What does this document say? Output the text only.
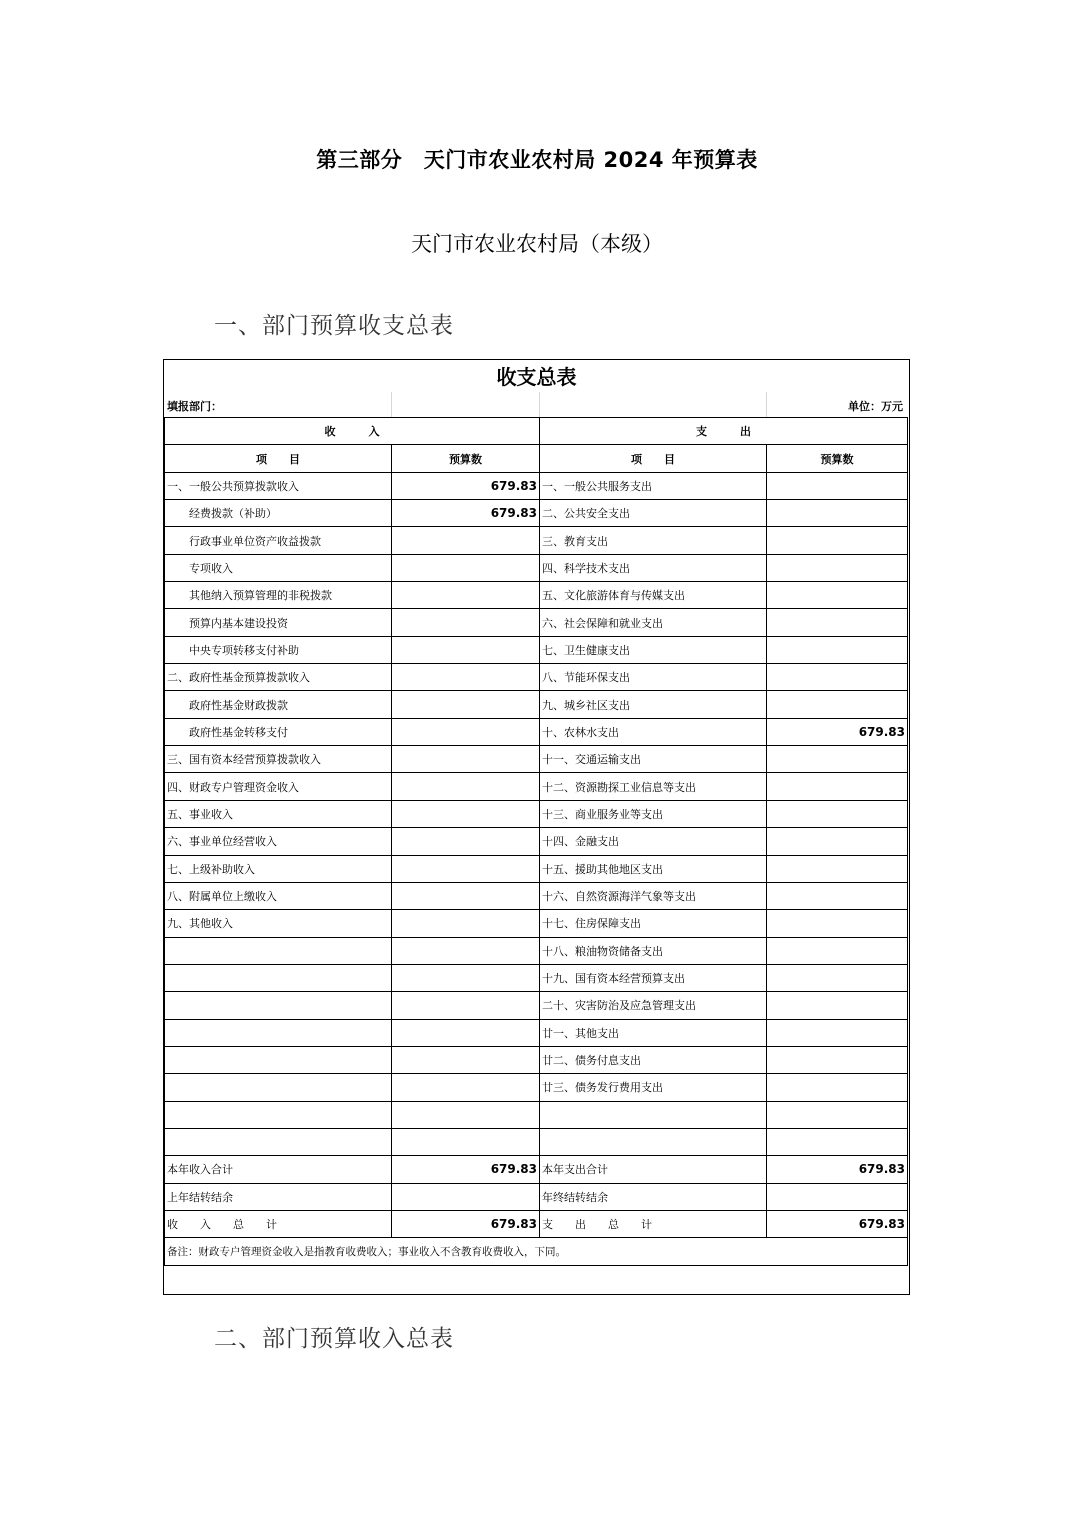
第三部分　天门市农业农村局 2024 年预算表
天门市农业农村局（本级）
一、部门预算收支总表
收支总表
填报部门：	单位：万元
收　　　入		支　　　出	
项　　目	预算数	项　　目	预算数
一、一般公共预算拨款收入	679.83	一、一般公共服务支出	
经费拨款（补助）	679.83	二、公共安全支出	
行政事业单位资产收益拨款		三、教育支出	
专项收入		四、科学技术支出	
其他纳入预算管理的非税拨款		五、文化旅游体育与传媒支出	
预算内基本建设投资		六、社会保障和就业支出	
中央专项转移支付补助		七、卫生健康支出	
二、政府性基金预算拨款收入		八、节能环保支出	
政府性基金财政拨款		九、城乡社区支出	
政府性基金转移支付		十、农林水支出	679.83
三、国有资本经营预算拨款收入		十一、交通运输支出	
四、财政专户管理资金收入		十二、资源勘探工业信息等支出	
五、事业收入		十三、商业服务业等支出	
六、事业单位经营收入		十四、金融支出	
七、上级补助收入		十五、援助其他地区支出	
八、附属单位上缴收入		十六、自然资源海洋气象等支出	
九、其他收入		十七、住房保障支出	
		十八、粮油物资储备支出	
		十九、国有资本经营预算支出	
		二十、灾害防治及应急管理支出	
		廿一、其他支出	
		廿二、债务付息支出	
		廿三、债务发行费用支出	

本年收入合计	679.83	本年支出合计	679.83
上年结转结余		年终结转结余	
收　　入　　总　　计	679.83	支　　出　　总　　计	679.83
备注：财政专户管理资金收入是指教育收费收入；事业收入不含教育收费收入，下同。			
二、部门预算收入总表
